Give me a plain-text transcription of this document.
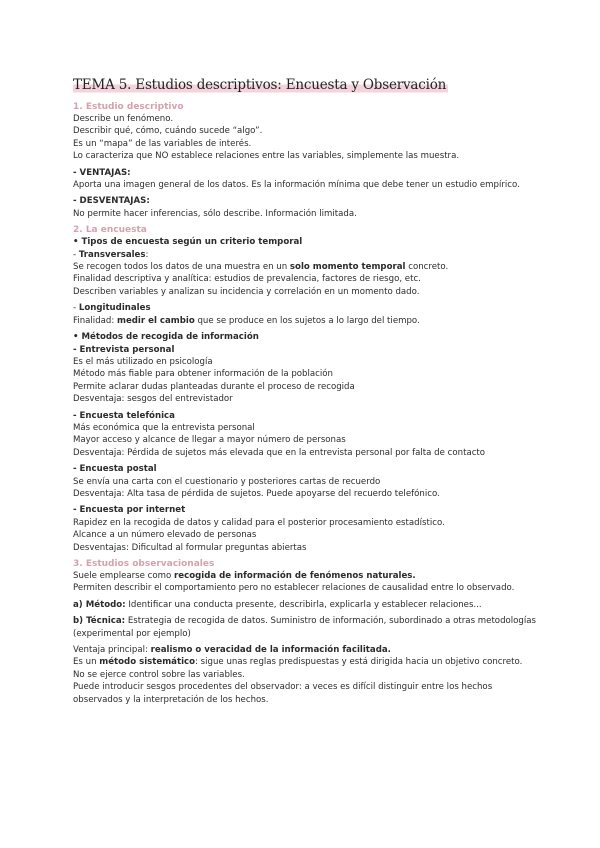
TEMA 5. Estudios descriptivos: Encuesta y Observación
1. Estudio descriptivo
Describe un fenómeno.
Describir qué, cómo, cuándo sucede “algo”.
Es un “mapa” de las variables de interés.
Lo caracteriza que NO establece relaciones entre las variables, simplemente las muestra.
- VENTAJAS:
Aporta una imagen general de los datos. Es la información mínima que debe tener un estudio empírico.
- DESVENTAJAS:
No permite hacer inferencias, sólo describe. Información limitada.
2. La encuesta
• Tipos de encuesta según un criterio temporal
- Transversales:
Se recogen todos los datos de una muestra en un solo momento temporal concreto.
Finalidad descriptiva y analítica: estudios de prevalencia, factores de riesgo, etc.
Describen variables y analizan su incidencia y correlación en un momento dado.
- Longitudinales
Finalidad: medir el cambio que se produce en los sujetos a lo largo del tiempo.
• Métodos de recogida de información
- Entrevista personal
Es el más utilizado en psicología
Método más fiable para obtener información de la población
Permite aclarar dudas planteadas durante el proceso de recogida
Desventaja: sesgos del entrevistador
- Encuesta telefónica
Más económica que la entrevista personal
Mayor acceso y alcance de llegar a mayor número de personas
Desventaja: Pérdida de sujetos más elevada que en la entrevista personal por falta de contacto
- Encuesta postal
Se envía una carta con el cuestionario y posteriores cartas de recuerdo
Desventaja: Alta tasa de pérdida de sujetos. Puede apoyarse del recuerdo telefónico.
- Encuesta por internet
Rapidez en la recogida de datos y calidad para el posterior procesamiento estadístico.
Alcance a un número elevado de personas
Desventajas: Dificultad al formular preguntas abiertas
3. Estudios observacionales
Suele emplearse como recogida de información de fenómenos naturales.
Permiten describir el comportamiento pero no establecer relaciones de causalidad entre lo observado.
a) Método: Identificar una conducta presente, describirla, explicarla y establecer relaciones...
b) Técnica: Estrategia de recogida de datos. Suministro de información, subordinado a otras metodologías (experimental por ejemplo)
Ventaja principal: realismo o veracidad de la información facilitada.
Es un método sistemático: sigue unas reglas predispuestas y está dirigida hacia un objetivo concreto.
No se ejerce control sobre las variables.
Puede introducir sesgos procedentes del observador: a veces es difícil distinguir entre los hechos observados y la interpretación de los hechos.
